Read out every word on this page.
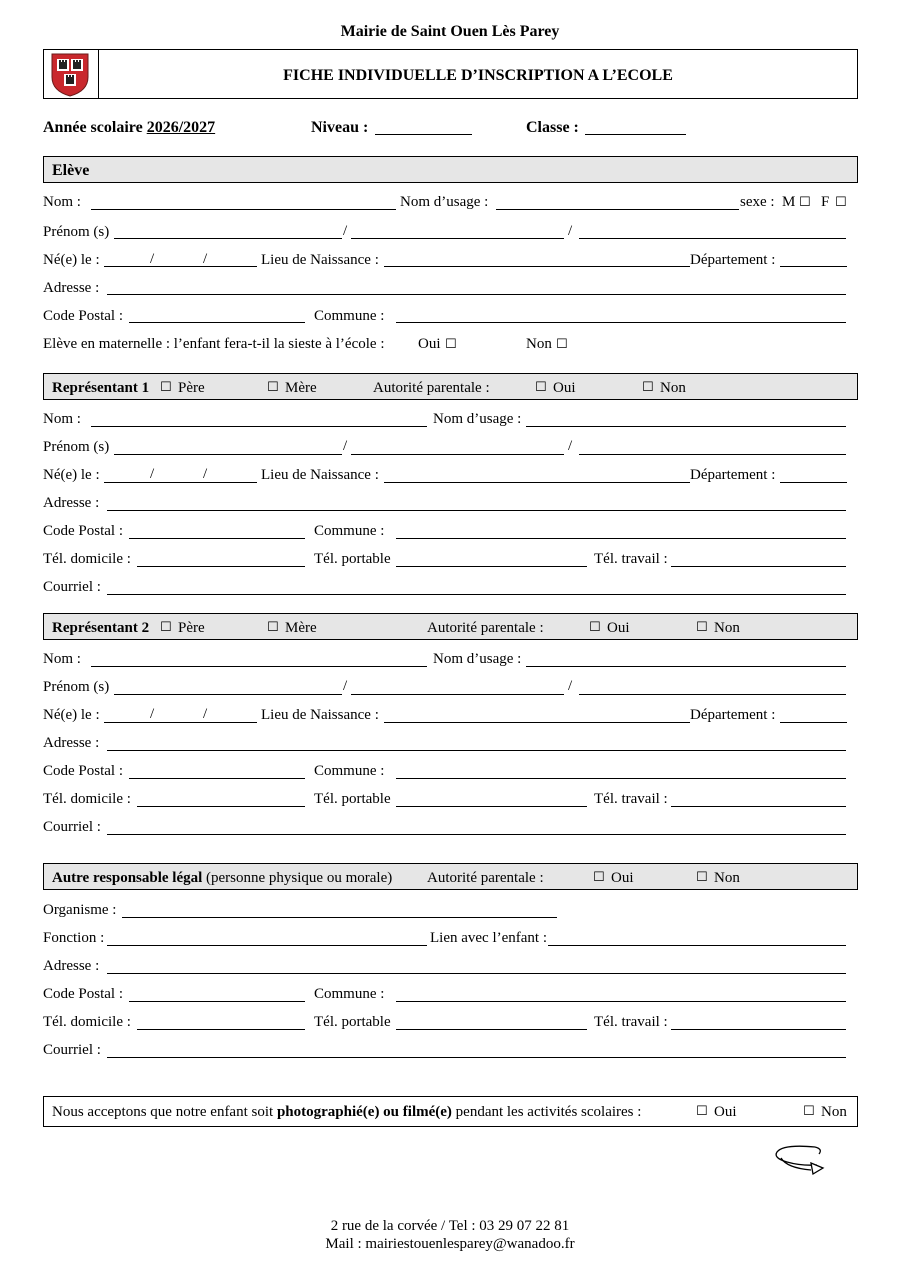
Mairie de Saint Ouen Lès Parey
FICHE INDIVIDUELLE D’INSCRIPTION A L’ECOLE
Année scolaire 2026/2027	Niveau :	Classe :
Elève
Nom :	Nom d’usage :	sexe : M ☐ F ☐
Prénom (s)	/	/
Né(e) le :	/	/	Lieu de Naissance :	Département :
Adresse :
Code Postal :	Commune :
Elève en maternelle : l’enfant fera-t-il la sieste à l’école : Oui ☐	Non ☐
Représentant 1 ☐ Père	☐ Mère	Autorité parentale :	☐ Oui	☐ Non
Nom :	Nom d’usage :
Prénom (s)	/	/
Né(e) le :	/	/	Lieu de Naissance :	Département :
Adresse :
Code Postal :	Commune :
Tél. domicile :	Tél. portable	Tél. travail :
Courriel :
Représentant 2 ☐ Père	☐ Mère	Autorité parentale :	☐ Oui	☐ Non
Nom :	Nom d’usage :
Prénom (s)	/	/
Né(e) le :	/	/	Lieu de Naissance :	Département :
Adresse :
Code Postal :	Commune :
Tél. domicile :	Tél. portable	Tél. travail :
Courriel :
Autre responsable légal (personne physique ou morale) Autorité parentale :	☐ Oui	☐ Non
Organisme :
Fonction :	Lien avec l’enfant :
Adresse :
Code Postal :	Commune :
Tél. domicile :	Tél. portable	Tél. travail :
Courriel :
Nous acceptons que notre enfant soit photographié(e) ou filmé(e) pendant les activités scolaires :	☐ Oui	☐ Non
2 rue de la corvée / Tel : 03 29 07 22 81
Mail : mairiestouenlesparey@wanadoo.fr
